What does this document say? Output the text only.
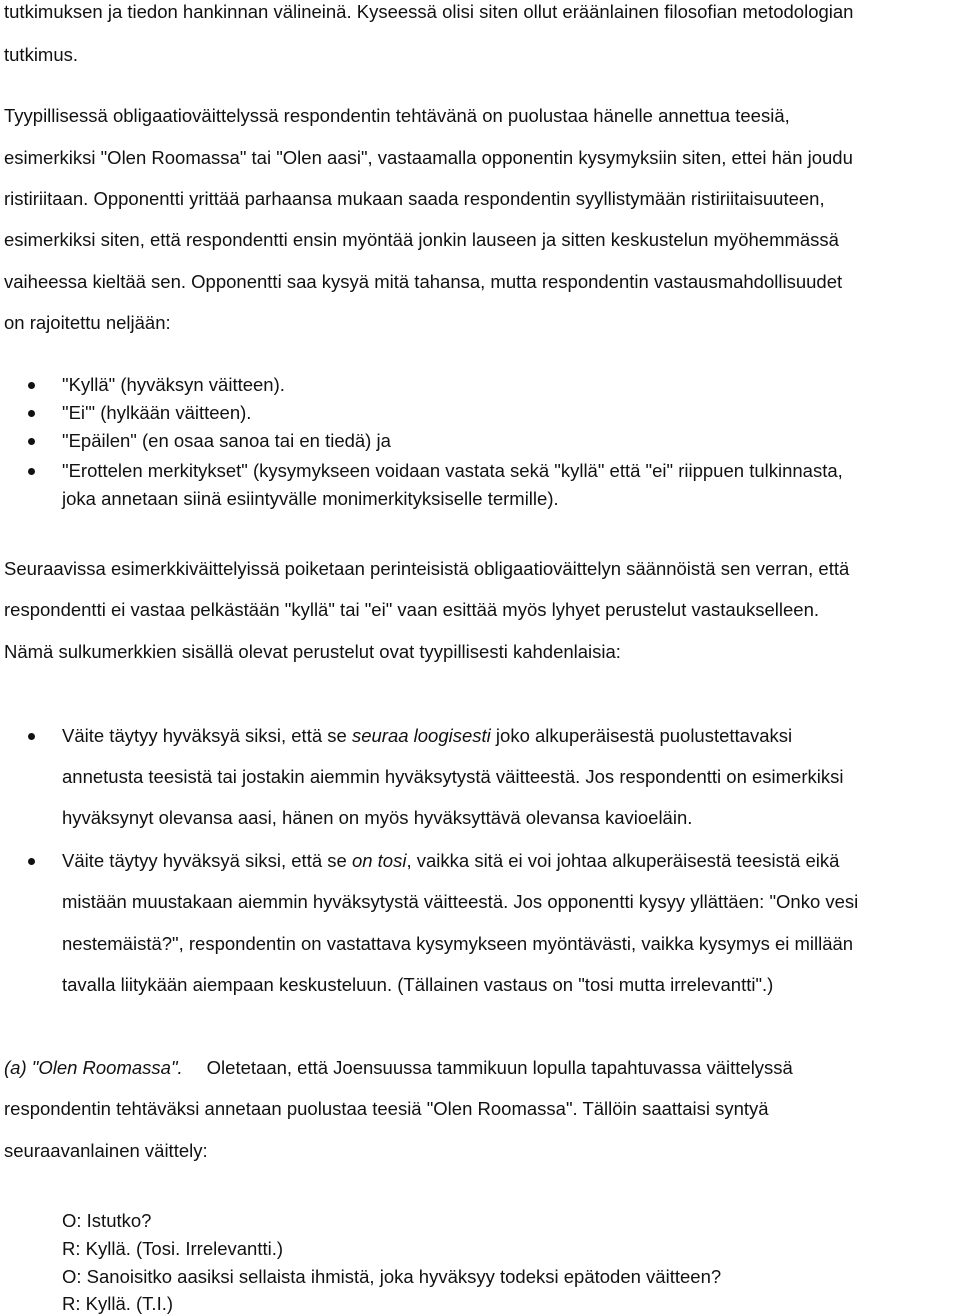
tutkimuksen ja tiedon hankinnan välineinä. Kyseessä olisi siten ollut eräänlainen filosofian metodologian
tutkimus.
Tyypillisessä obligaatioväittelyssä respondentin tehtävänä on puolustaa hänelle annettua teesiä,
esimerkiksi "Olen Roomassa" tai "Olen aasi", vastaamalla opponentin kysymyksiin siten, ettei hän joudu
ristiriitaan. Opponentti yrittää parhaansa mukaan saada respondentin syyllistymään ristiriitaisuuteen,
esimerkiksi siten, että respondentti ensin myöntää jonkin lauseen ja sitten keskustelun myöhemmässä
vaiheessa kieltää sen. Opponentti saa kysyä mitä tahansa, mutta respondentin vastausmahdollisuudet
on rajoitettu neljään:
"Kyllä" (hyväksyn väitteen).
"Ei'" (hylkään väitteen).
"Epäilen" (en osaa sanoa tai en tiedä) ja
"Erottelen merkitykset" (kysymykseen voidaan vastata sekä "kyllä" että "ei" riippuen tulkinnasta,
joka annetaan siinä esiintyvälle monimerkityksiselle termille).
Seuraavissa esimerkkiväittelyissä poiketaan perinteisistä obligaatioväittelyn säännöistä sen verran, että
respondentti ei vastaa pelkästään "kyllä" tai "ei" vaan esittää myös lyhyet perustelut vastaukselleen.
Nämä sulkumerkkien sisällä olevat perustelut ovat tyypillisesti kahdenlaisia:
Väite täytyy hyväksyä siksi, että se seuraa loogisesti joko alkuperäisestä puolustettavaksi
annetusta teesistä tai jostakin aiemmin hyväksytystä väitteestä. Jos respondentti on esimerkiksi
hyväksynyt olevansa aasi, hänen on myös hyväksyttävä olevansa kavioeläin.
Väite täytyy hyväksyä siksi, että se on tosi, vaikka sitä ei voi johtaa alkuperäisestä teesistä eikä
mistään muustakaan aiemmin hyväksytystä väitteestä. Jos opponentti kysyy yllättäen: "Onko vesi
nestemäistä?", respondentin on vastattava kysymykseen myöntävästi, vaikka kysymys ei millään
tavalla liitykään aiempaan keskusteluun. (Tällainen vastaus on "tosi mutta irrelevantti".)
(a) "Olen Roomassa". Oletetaan, että Joensuussa tammikuun lopulla tapahtuvassa väittelyssä
respondentin tehtäväksi annetaan puolustaa teesiä "Olen Roomassa". Tällöin saattaisi syntyä
seuraavanlainen väittely:
O: Istutko?
R: Kyllä. (Tosi. Irrelevantti.)
O: Sanoisitko aasiksi sellaista ihmistä, joka hyväksyy todeksi epätoden väitteen?
R: Kyllä. (T.I.)
